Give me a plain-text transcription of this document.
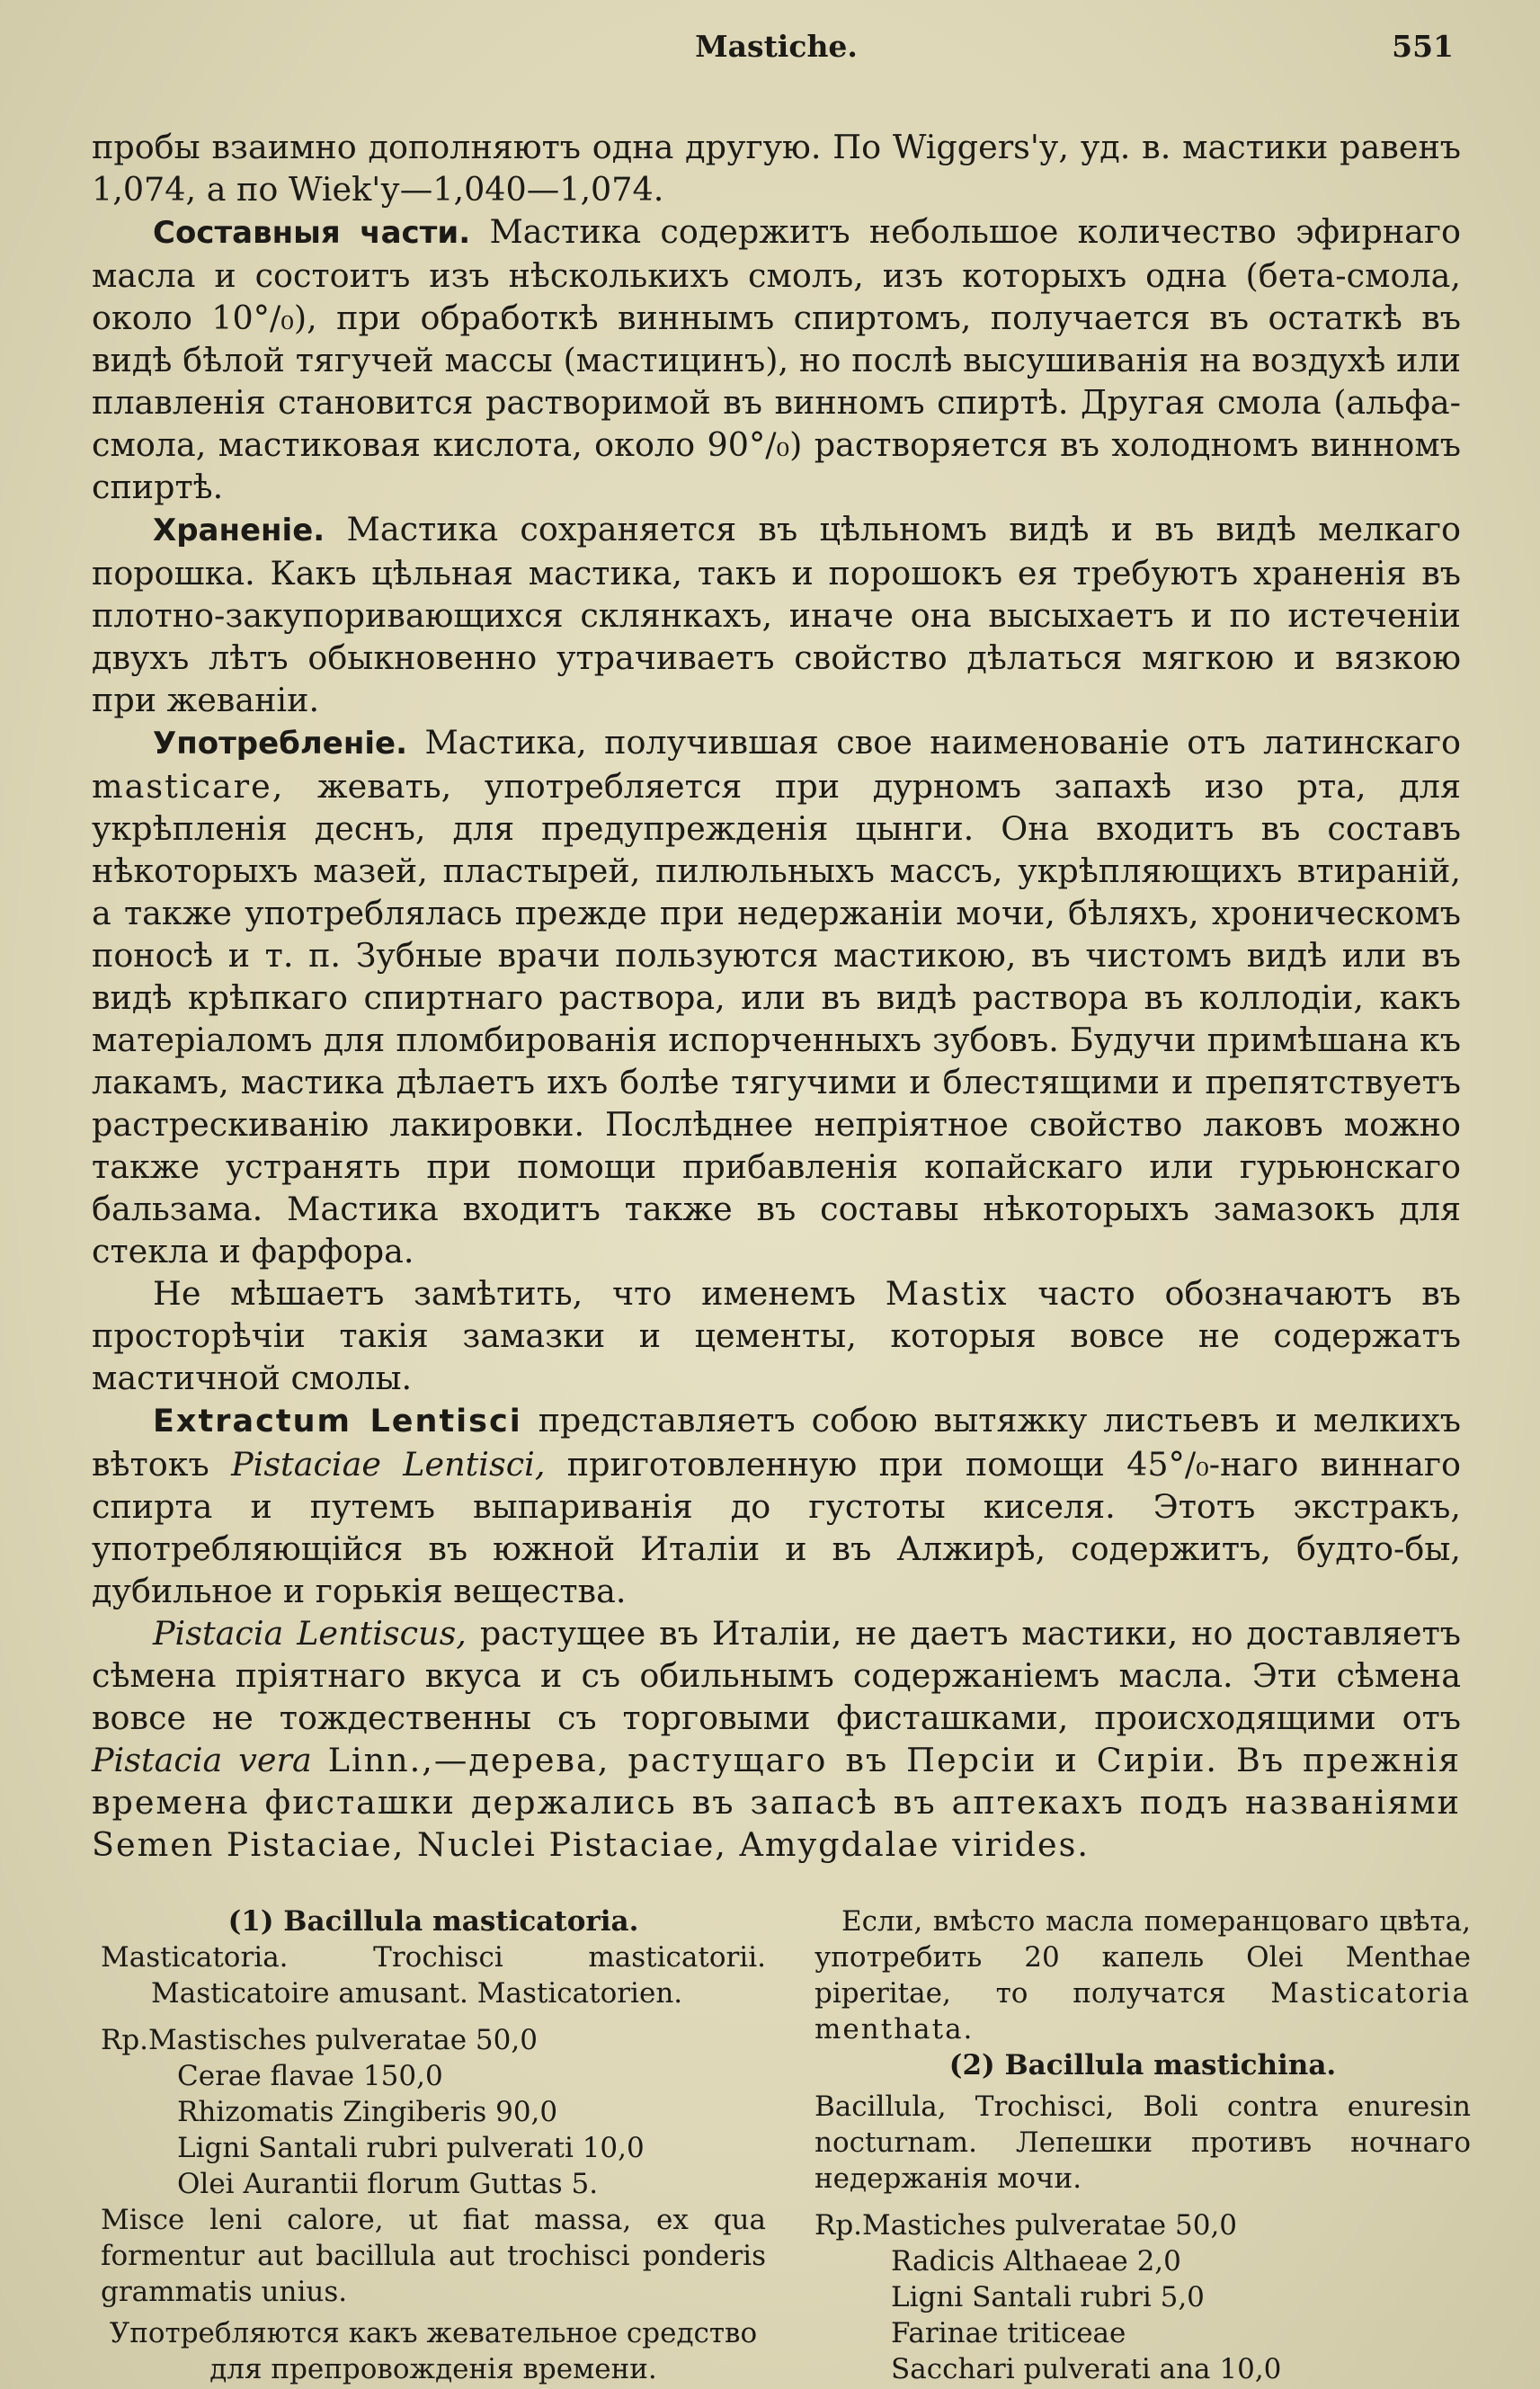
Mastiche.	551

пробы взаимно дополняютъ одна другую. По Wiggers'у, уд. в. мастики равенъ 1,074, а по Wiek'у—1,040—1,074.

Составныя части. Мастика содержитъ небольшое количество эфирнаго масла и состоитъ изъ нѣсколькихъ смолъ, изъ которыхъ одна (бета-смола, около 10°/₀), при обработкѣ виннымъ спиртомъ, получается въ остаткѣ въ видѣ бѣлой тягучей массы (мастицинъ), но послѣ высушиванія на воздухѣ или плавленія становится растворимой въ винномъ спиртѣ. Другая смола (альфа-смола, мастиковая кислота, около 90°/₀) растворяется въ холодномъ винномъ спиртѣ.

Храненіе. Мастика сохраняется въ цѣльномъ видѣ и въ видѣ мелкаго порошка. Какъ цѣльная мастика, такъ и порошокъ ея требуютъ храненія въ плотно-закупоривающихся склянкахъ, иначе она высыхаетъ и по истеченіи двухъ лѣтъ обыкновенно утрачиваетъ свойство дѣлаться мягкою и вязкою при жеваніи.

Употребленіе. Мастика, получившая свое наименованіе отъ латинскаго masticare, жевать, употребляется при дурномъ запахѣ изо рта, для укрѣпленія деснъ, для предупрежденія цынги. Она входитъ въ составъ нѣкоторыхъ мазей, пластырей, пилюльныхъ массъ, укрѣпляющихъ втираній, а также употреблялась прежде при недержаніи мочи, бѣляхъ, хроническомъ поносѣ и т. п. Зубные врачи пользуются мастикою, въ чистомъ видѣ или въ видѣ крѣпкаго спиртнаго раствора, или въ видѣ раствора въ коллодіи, какъ матеріаломъ для пломбированія испорченныхъ зубовъ. Будучи примѣшана къ лакамъ, мастика дѣлаетъ ихъ болѣе тягучими и блестящими и препятствуетъ растрескиванію лакировки. Послѣднее непріятное свойство лаковъ можно также устранять при помощи прибавленія копайскаго или гурьюнскаго бальзама. Мастика входитъ также въ составы нѣкоторыхъ замазокъ для стекла и фарфора.

Не мѣшаетъ замѣтить, что именемъ Mastix часто обозначаютъ въ просторѣчіи такія замазки и цементы, которыя вовсе не содержатъ мастичной смолы.

Extractum Lentisci представляетъ собою вытяжку листьевъ и мелкихъ вѣтокъ Pistaciae Lentisci, приготовленную при помощи 45°/₀-наго виннаго спирта и путемъ выпариванія до густоты киселя. Этотъ экстракъ, употребляющійся въ южной Италіи и въ Алжирѣ, содержитъ, будто-бы, дубильное и горькія вещества.

Pistacia Lentiscus, растущее въ Италіи, не даетъ мастики, но доставляетъ сѣмена пріятнаго вкуса и съ обильнымъ содержаніемъ масла. Эти сѣмена вовсе не тождественны съ торговыми фисташками, происходящими отъ Pistacia vera Linn.,—дерева, растущаго въ Персіи и Сиріи. Въ прежнія времена фисташки держались въ запасѣ въ аптекахъ подъ названіями Semen Pistaciae, Nuclei Pistaciae, Amygdalae virides.

(1) Bacillula masticatoria.

Masticatoria. Trochisci masticatorii. Masticatoire amusant. Masticatorien.

Rp.Mastisches pulveratae 50,0

Cerae flavae 150,0

Rhizomatis Zingiberis 90,0

Ligni Santali rubri pulverati 10,0

Olei Aurantii florum Guttas 5.

Misce leni calore, ut fiat massa, ex qua formentur aut bacillula aut trochisci ponderis grammatis unius.

Употребляются какъ жевательное средство для препровожденія времени.

Если, вмѣсто масла померанцоваго цвѣта, употребить 20 капель Olei Menthae piperitae, то получатся Masticatoria menthata.

(2) Bacillula mastichina.

Bacillula, Trochisci, Boli contra enuresin nocturnam. Лепешки противъ ночнаго недержанія мочи.

Rp.Mastiches pulveratae 50,0

Radicis Althaeae 2,0

Ligni Santali rubri 5,0

Farinae triticeae

Sacchari pulverati ana 10,0
